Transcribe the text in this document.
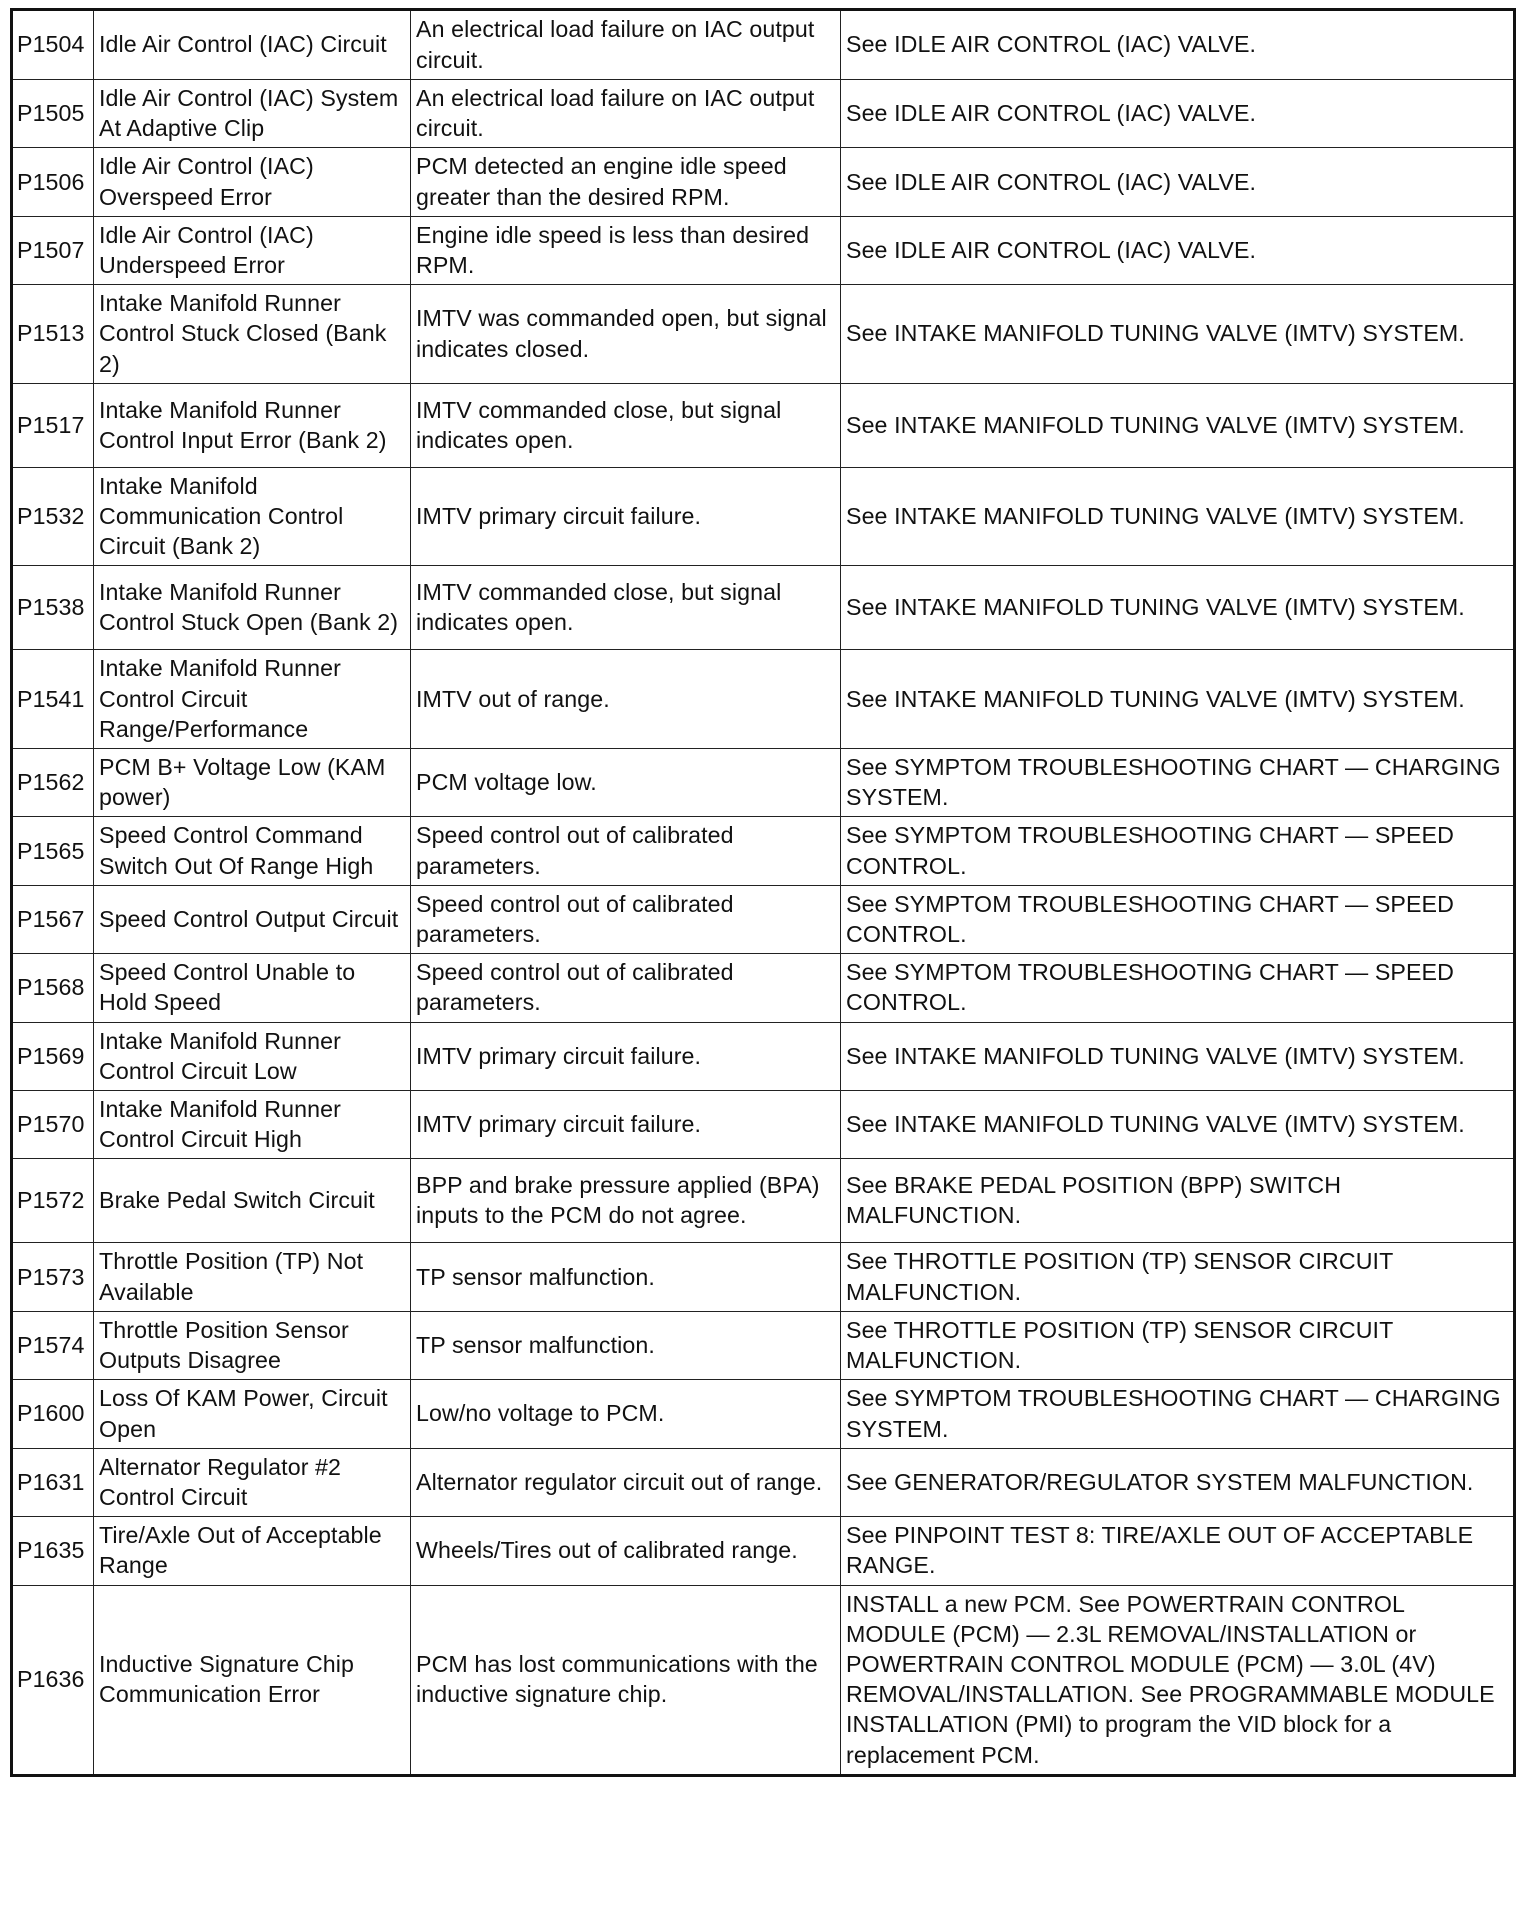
P1504	Idle Air Control (IAC) Circuit	An electrical load failure on IAC output circuit.	See IDLE AIR CONTROL (IAC) VALVE.
P1505	Idle Air Control (IAC) System At Adaptive Clip	An electrical load failure on IAC output circuit.	See IDLE AIR CONTROL (IAC) VALVE.
P1506	Idle Air Control (IAC) Overspeed Error	PCM detected an engine idle speed greater than the desired RPM.	See IDLE AIR CONTROL (IAC) VALVE.
P1507	Idle Air Control (IAC) Underspeed Error	Engine idle speed is less than desired RPM.	See IDLE AIR CONTROL (IAC) VALVE.
P1513	Intake Manifold Runner Control Stuck Closed (Bank 2)	IMTV was commanded open, but signal indicates closed.	See INTAKE MANIFOLD TUNING VALVE (IMTV) SYSTEM.
P1517	Intake Manifold Runner Control Input Error (Bank 2)	IMTV commanded close, but signal indicates open.	See INTAKE MANIFOLD TUNING VALVE (IMTV) SYSTEM.
P1532	Intake Manifold Communication Control Circuit (Bank 2)	IMTV primary circuit failure.	See INTAKE MANIFOLD TUNING VALVE (IMTV) SYSTEM.
P1538	Intake Manifold Runner Control Stuck Open (Bank 2)	IMTV commanded close, but signal indicates open.	See INTAKE MANIFOLD TUNING VALVE (IMTV) SYSTEM.
P1541	Intake Manifold Runner Control Circuit Range/Performance	IMTV out of range.	See INTAKE MANIFOLD TUNING VALVE (IMTV) SYSTEM.
P1562	PCM B+ Voltage Low (KAM power)	PCM voltage low.	See SYMPTOM TROUBLESHOOTING CHART — CHARGING SYSTEM.
P1565	Speed Control Command Switch Out Of Range High	Speed control out of calibrated parameters.	See SYMPTOM TROUBLESHOOTING CHART — SPEED CONTROL.
P1567	Speed Control Output Circuit	Speed control out of calibrated parameters.	See SYMPTOM TROUBLESHOOTING CHART — SPEED CONTROL.
P1568	Speed Control Unable to Hold Speed	Speed control out of calibrated parameters.	See SYMPTOM TROUBLESHOOTING CHART — SPEED CONTROL.
P1569	Intake Manifold Runner Control Circuit Low	IMTV primary circuit failure.	See INTAKE MANIFOLD TUNING VALVE (IMTV) SYSTEM.
P1570	Intake Manifold Runner Control Circuit High	IMTV primary circuit failure.	See INTAKE MANIFOLD TUNING VALVE (IMTV) SYSTEM.
P1572	Brake Pedal Switch Circuit	BPP and brake pressure applied (BPA) inputs to the PCM do not agree.	See BRAKE PEDAL POSITION (BPP) SWITCH MALFUNCTION.
P1573	Throttle Position (TP) Not Available	TP sensor malfunction.	See THROTTLE POSITION (TP) SENSOR CIRCUIT MALFUNCTION.
P1574	Throttle Position Sensor Outputs Disagree	TP sensor malfunction.	See THROTTLE POSITION (TP) SENSOR CIRCUIT MALFUNCTION.
P1600	Loss Of KAM Power, Circuit Open	Low/no voltage to PCM.	See SYMPTOM TROUBLESHOOTING CHART — CHARGING SYSTEM.
P1631	Alternator Regulator #2 Control Circuit	Alternator regulator circuit out of range.	See GENERATOR/REGULATOR SYSTEM MALFUNCTION.
P1635	Tire/Axle Out of Acceptable Range	Wheels/Tires out of calibrated range.	See PINPOINT TEST 8: TIRE/AXLE OUT OF ACCEPTABLE RANGE.
P1636	Inductive Signature Chip Communication Error	PCM has lost communications with the inductive signature chip.	INSTALL a new PCM. See POWERTRAIN CONTROL MODULE (PCM) — 2.3L REMOVAL/INSTALLATION or POWERTRAIN CONTROL MODULE (PCM) — 3.0L (4V) REMOVAL/INSTALLATION. See PROGRAMMABLE MODULE INSTALLATION (PMI) to program the VID block for a replacement PCM.
